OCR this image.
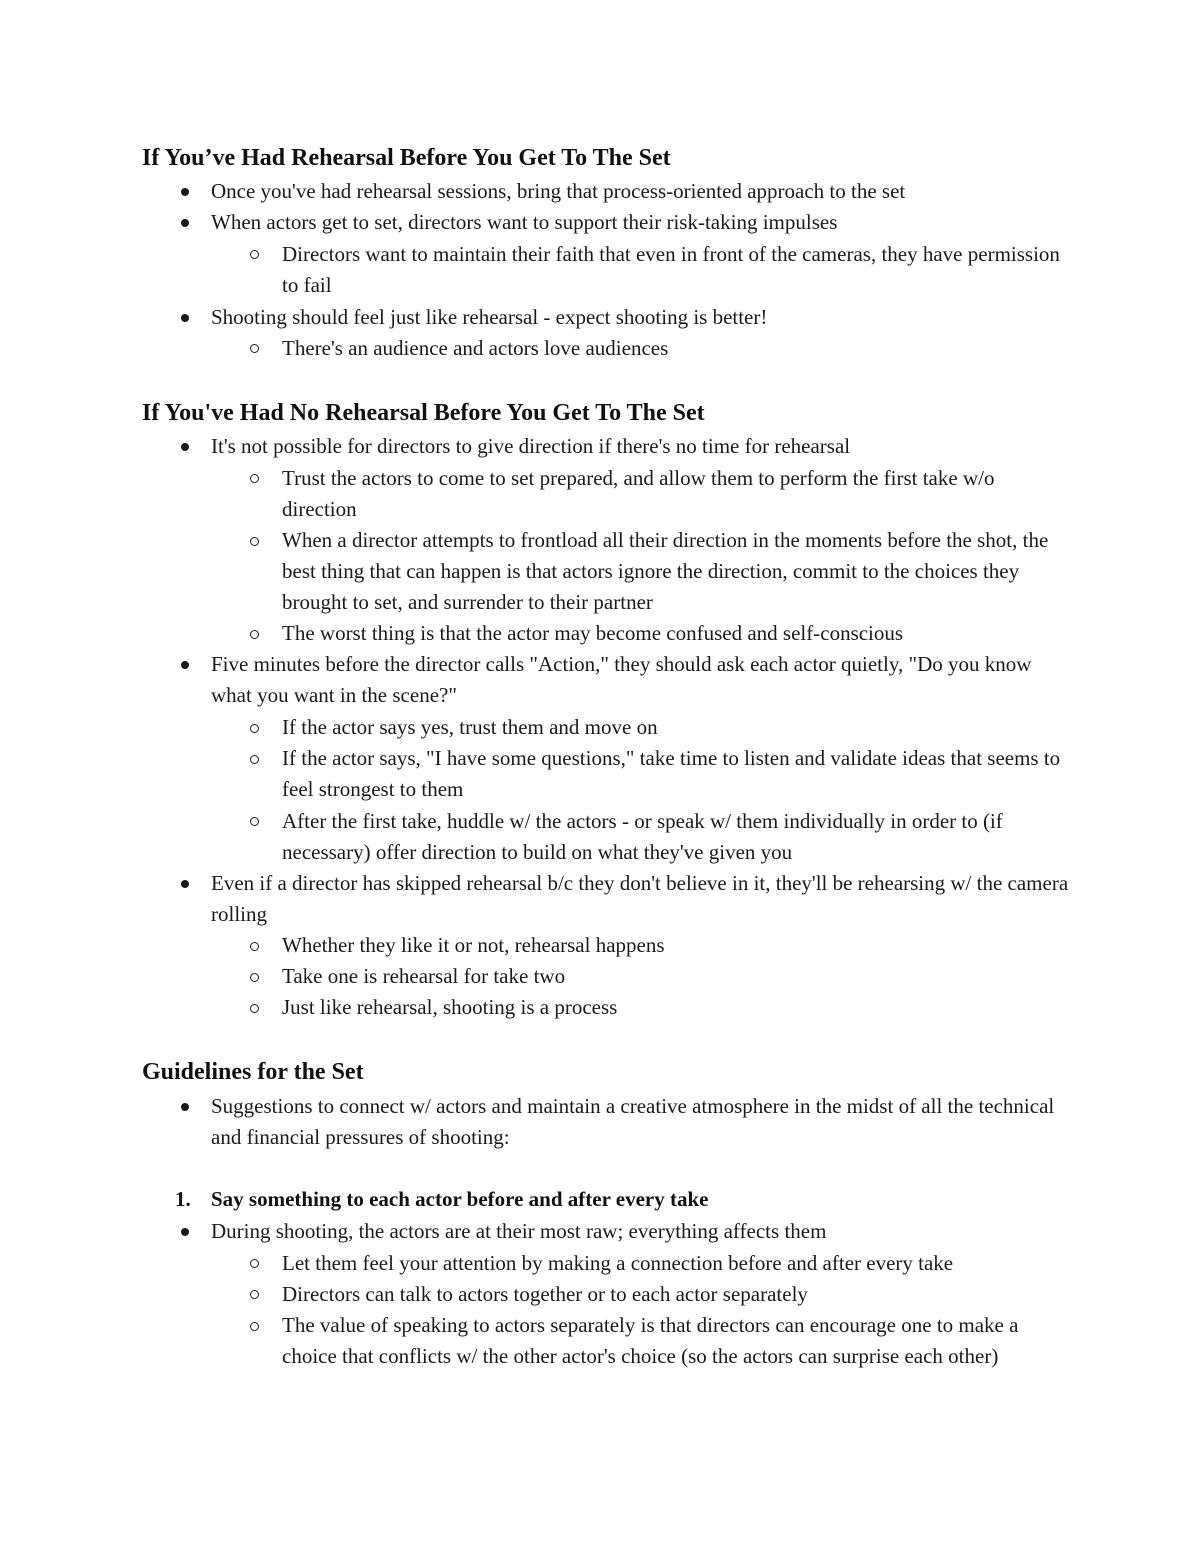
If You’ve Had Rehearsal Before You Get To The Set
Once you've had rehearsal sessions, bring that process-oriented approach to the set
When actors get to set, directors want to support their risk-taking impulses
Directors want to maintain their faith that even in front of the cameras, they have permission to fail
Shooting should feel just like rehearsal - expect shooting is better!
There's an audience and actors love audiences
If You've Had No Rehearsal Before You Get To The Set
It's not possible for directors to give direction if there's no time for rehearsal
Trust the actors to come to set prepared, and allow them to perform the first take w/o direction
When a director attempts to frontload all their direction in the moments before the shot, the best thing that can happen is that actors ignore the direction, commit to the choices they brought to set, and surrender to their partner
The worst thing is that the actor may become confused and self-conscious
Five minutes before the director calls "Action," they should ask each actor quietly, "Do you know what you want in the scene?"
If the actor says yes, trust them and move on
If the actor says, "I have some questions," take time to listen and validate ideas that seems to feel strongest to them
After the first take, huddle w/ the actors - or speak w/ them individually in order to (if necessary) offer direction to build on what they've given you
Even if a director has skipped rehearsal b/c they don't believe in it, they'll be rehearsing w/ the camera rolling
Whether they like it or not, rehearsal happens
Take one is rehearsal for take two
Just like rehearsal, shooting is a process
Guidelines for the Set
Suggestions to connect w/ actors and maintain a creative atmosphere in the midst of all the technical and financial pressures of shooting:
1. Say something to each actor before and after every take
During shooting, the actors are at their most raw; everything affects them
Let them feel your attention by making a connection before and after every take
Directors can talk to actors together or to each actor separately
The value of speaking to actors separately is that directors can encourage one to make a choice that conflicts w/ the other actor's choice (so the actors can surprise each other)
